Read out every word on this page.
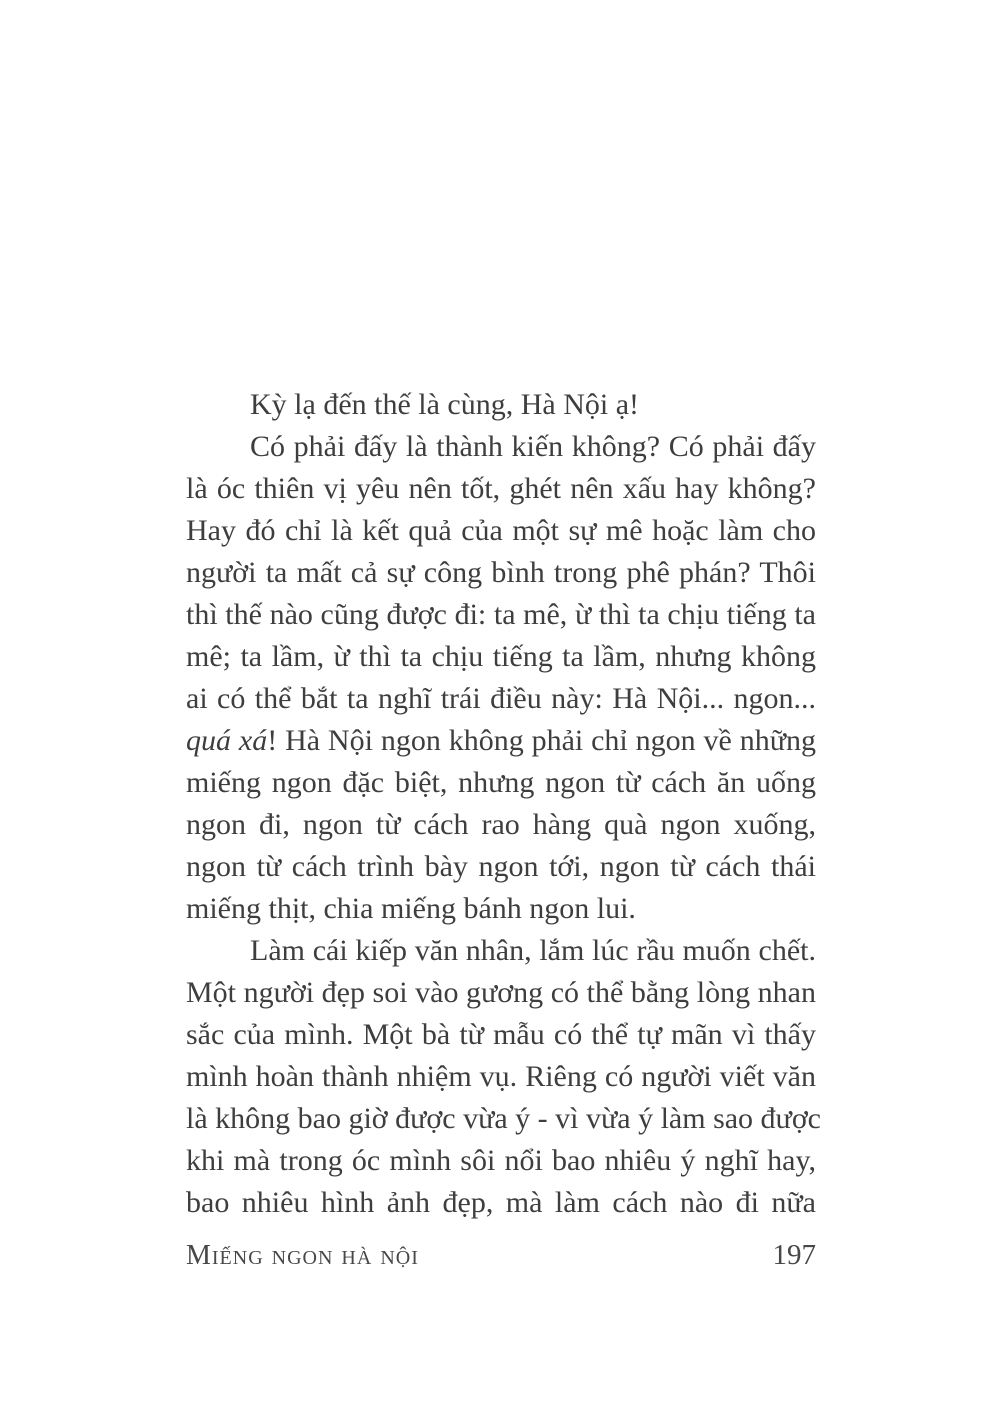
Kỳ lạ đến thế là cùng, Hà Nội ạ!
Có phải đấy là thành kiến không? Có phải đấy
là óc thiên vị yêu nên tốt, ghét nên xấu hay không?
Hay đó chỉ là kết quả của một sự mê hoặc làm cho
người ta mất cả sự công bình trong phê phán? Thôi
thì thế nào cũng được đi: ta mê, ừ thì ta chịu tiếng ta
mê; ta lầm, ừ thì ta chịu tiếng ta lầm, nhưng không
ai có thể bắt ta nghĩ trái điều này: Hà Nội... ngon...
quá xá! Hà Nội ngon không phải chỉ ngon về những
miếng ngon đặc biệt, nhưng ngon từ cách ăn uống
ngon đi, ngon từ cách rao hàng quà ngon xuống,
ngon từ cách trình bày ngon tới, ngon từ cách thái
miếng thịt, chia miếng bánh ngon lui.
Làm cái kiếp văn nhân, lắm lúc rầu muốn chết.
Một người đẹp soi vào gương có thể bằng lòng nhan
sắc của mình. Một bà từ mẫu có thể tự mãn vì thấy
mình hoàn thành nhiệm vụ. Riêng có người viết văn
là không bao giờ được vừa ý - vì vừa ý làm sao được
khi mà trong óc mình sôi nổi bao nhiêu ý nghĩ hay,
bao nhiêu hình ảnh đẹp, mà làm cách nào đi nữa
Miếng ngon hà nội	197
